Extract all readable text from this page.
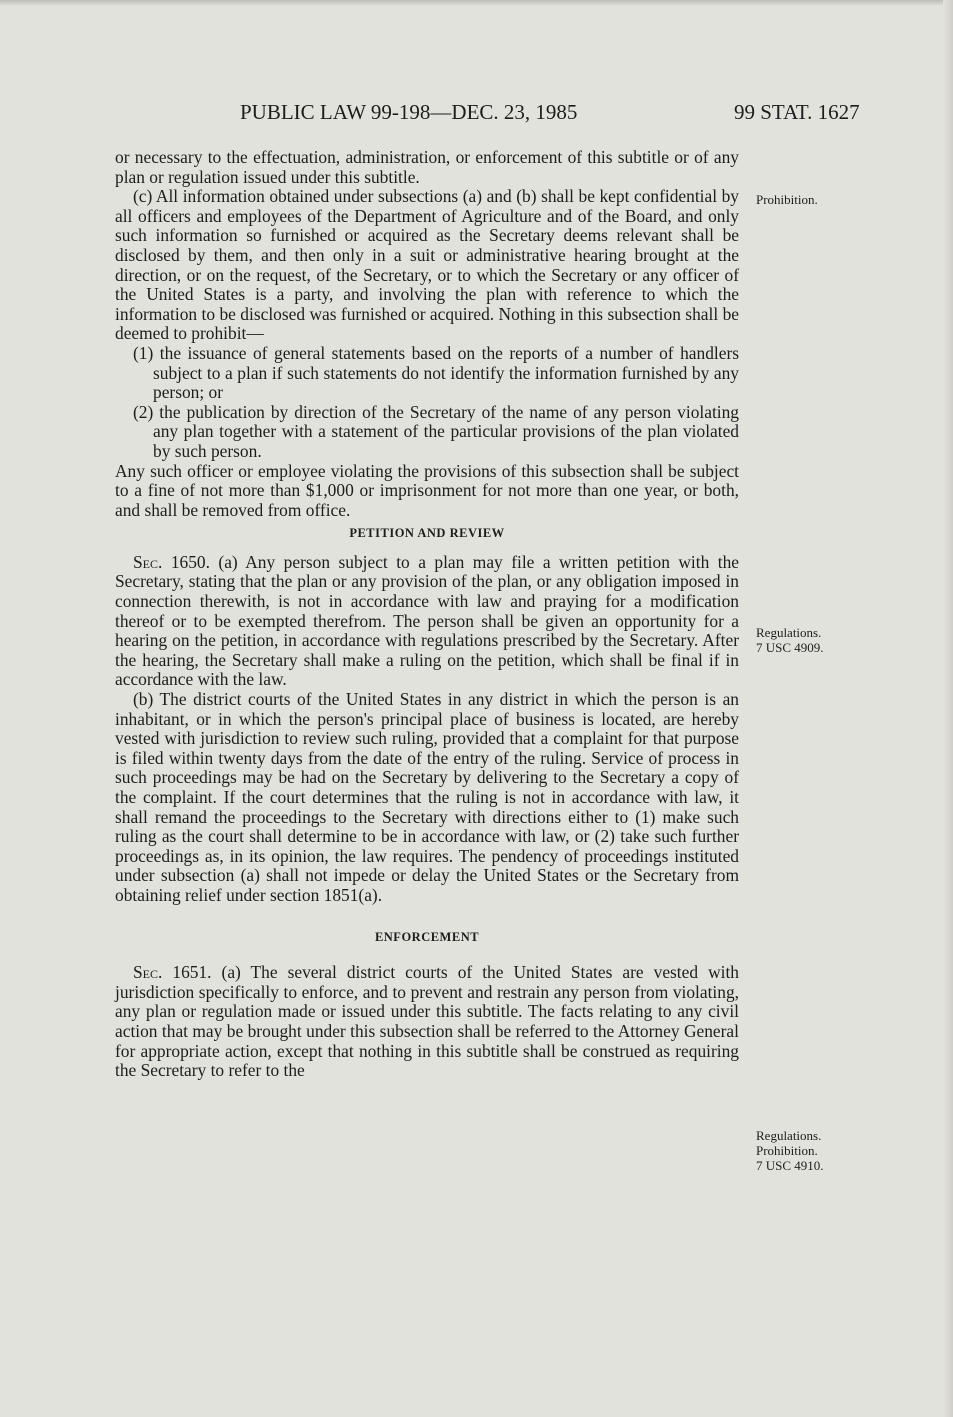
PUBLIC LAW 99-198—DEC. 23, 1985	99 STAT. 1627

or necessary to the effectuation, administration, or enforcement of this subtitle or of any plan or regulation issued under this subtitle.

(c) All information obtained under subsections (a) and (b) shall be kept confidential by all officers and employees of the Department of Agriculture and of the Board, and only such information so furnished or acquired as the Secretary deems relevant shall be disclosed by them, and then only in a suit or administrative hearing brought at the direction, or on the request, of the Secretary, or to which the Secretary or any officer of the United States is a party, and involving the plan with reference to which the information to be disclosed was furnished or acquired. Nothing in this subsection shall be deemed to prohibit—

(1) the issuance of general statements based on the reports of a number of handlers subject to a plan if such statements do not identify the information furnished by any person; or

(2) the publication by direction of the Secretary of the name of any person violating any plan together with a statement of the particular provisions of the plan violated by such person.

Any such officer or employee violating the provisions of this subsection shall be subject to a fine of not more than $1,000 or imprisonment for not more than one year, or both, and shall be removed from office.

PETITION AND REVIEW

Sec. 1650. (a) Any person subject to a plan may file a written petition with the Secretary, stating that the plan or any provision of the plan, or any obligation imposed in connection therewith, is not in accordance with law and praying for a modification thereof or to be exempted therefrom. The person shall be given an opportunity for a hearing on the petition, in accordance with regulations prescribed by the Secretary. After the hearing, the Secretary shall make a ruling on the petition, which shall be final if in accordance with the law.

(b) The district courts of the United States in any district in which the person is an inhabitant, or in which the person's principal place of business is located, are hereby vested with jurisdiction to review such ruling, provided that a complaint for that purpose is filed within twenty days from the date of the entry of the ruling. Service of process in such proceedings may be had on the Secretary by delivering to the Secretary a copy of the complaint. If the court determines that the ruling is not in accordance with law, it shall remand the proceedings to the Secretary with directions either to (1) make such ruling as the court shall determine to be in accordance with law, or (2) take such further proceedings as, in its opinion, the law requires. The pendency of proceedings instituted under subsection (a) shall not impede or delay the United States or the Secretary from obtaining relief under section 1851(a).

ENFORCEMENT

Sec. 1651. (a) The several district courts of the United States are vested with jurisdiction specifically to enforce, and to prevent and restrain any person from violating, any plan or regulation made or issued under this subtitle. The facts relating to any civil action that may be brought under this subsection shall be referred to the Attorney General for appropriate action, except that nothing in this subtitle shall be construed as requiring the Secretary to refer to the

Prohibition.
Regulations.
7 USC 4909.
Regulations.
Prohibition.
7 USC 4910.
